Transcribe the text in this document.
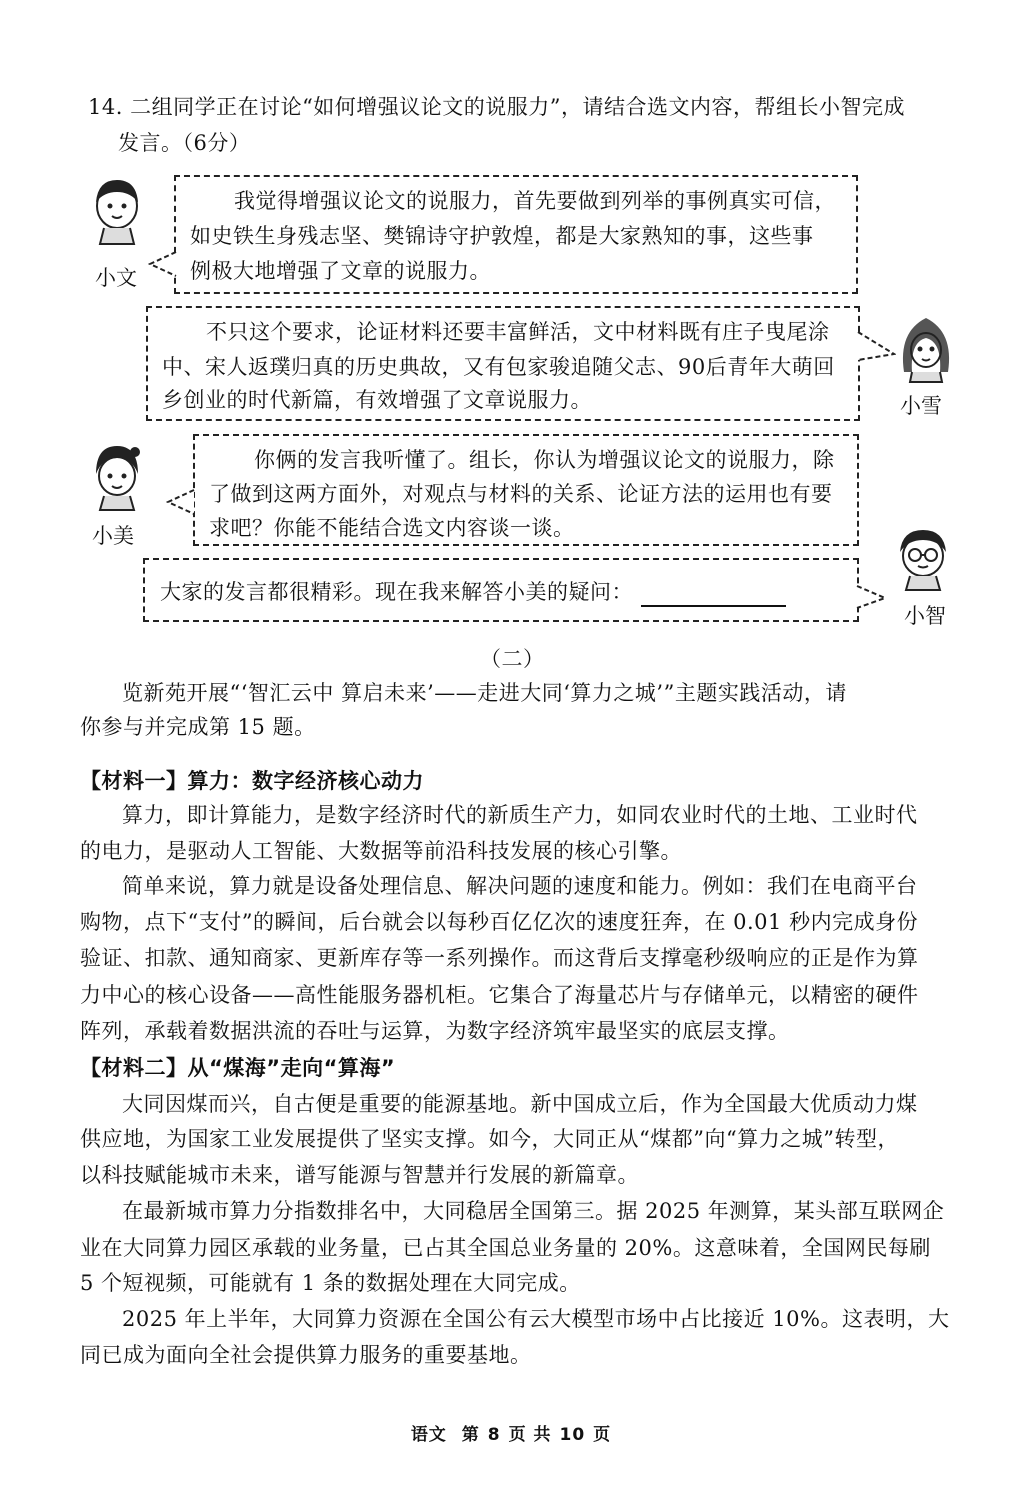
14. 二组同学正在讨论“如何增强议论文的说服力”，请结合选文内容，帮组长小智完成
发言。（6分）
小文
我觉得增强议论文的说服力，首先要做到列举的事例真实可信，
如史铁生身残志坚、樊锦诗守护敦煌，都是大家熟知的事，这些事
例极大地增强了文章的说服力。
小雪
不只这个要求，论证材料还要丰富鲜活，文中材料既有庄子曳尾涂
中、宋人返璞归真的历史典故，又有包家骏追随父志、90后青年大萌回
乡创业的时代新篇，有效增强了文章说服力。
小美
你俩的发言我听懂了。组长，你认为增强议论文的说服力，除
了做到这两方面外，对观点与材料的关系、论证方法的运用也有要
求吧？你能不能结合选文内容谈一谈。
小智
大家的发言都很精彩。现在我来解答小美的疑问：
（二）
览新苑开展“‘智汇云中 算启未来’——走进大同‘算力之城’”主题实践活动，请
你参与并完成第 15 题。
【材料一】算力：数字经济核心动力
算力，即计算能力，是数字经济时代的新质生产力，如同农业时代的土地、工业时代
的电力，是驱动人工智能、大数据等前沿科技发展的核心引擎。
简单来说，算力就是设备处理信息、解决问题的速度和能力。例如：我们在电商平台
购物，点下“支付”的瞬间，后台就会以每秒百亿亿次的速度狂奔，在 0.01 秒内完成身份
验证、扣款、通知商家、更新库存等一系列操作。而这背后支撑毫秒级响应的正是作为算
力中心的核心设备——高性能服务器机柜。它集合了海量芯片与存储单元，以精密的硬件
阵列，承载着数据洪流的吞吐与运算，为数字经济筑牢最坚实的底层支撑。
【材料二】从“煤海”走向“算海”
大同因煤而兴，自古便是重要的能源基地。新中国成立后，作为全国最大优质动力煤
供应地，为国家工业发展提供了坚实支撑。如今，大同正从“煤都”向“算力之城”转型，
以科技赋能城市未来，谱写能源与智慧并行发展的新篇章。
在最新城市算力分指数排名中，大同稳居全国第三。据 2025 年测算，某头部互联网企
业在大同算力园区承载的业务量，已占其全国总业务量的 20%。这意味着，全国网民每刷
5 个短视频，可能就有 1 条的数据处理在大同完成。
2025 年上半年，大同算力资源在全国公有云大模型市场中占比接近 10%。这表明，大
同已成为面向全社会提供算力服务的重要基地。
语文 第 8 页 共 10 页
